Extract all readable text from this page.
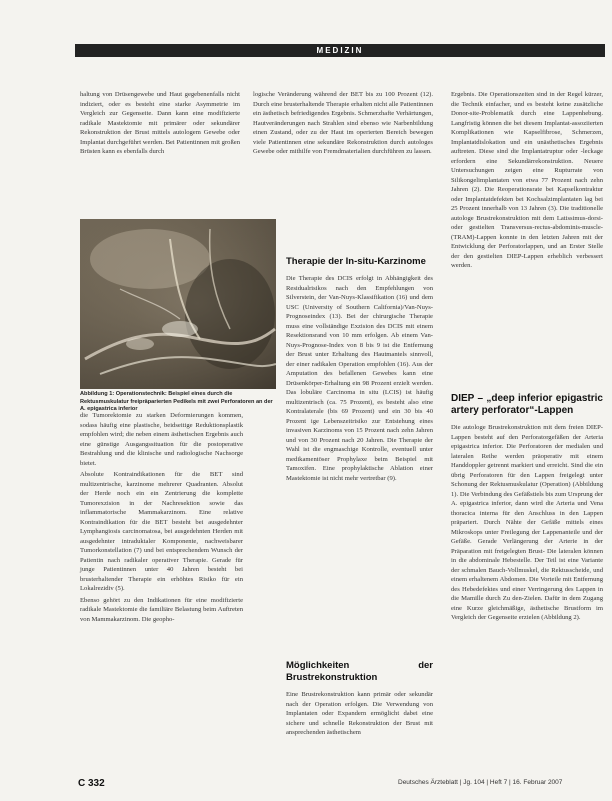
MEDIZIN

haltung von Drüsengewebe und Haut gegebenenfalls nicht indiziert, oder es besteht eine starke Asymmetrie im Vergleich zur Gegenseite. Dann kann eine modifizierte radikale Mastektomie mit primärer oder sekundärer Rekonstruktion der Brust mittels autologem Gewebe oder Implantat durchgeführt werden. Bei Patientinnen mit großen Brüsten kann es ebenfalls durch

Abbildung 1: Operationstechnik: Beispiel eines durch die Rektusmuskulatur freipräparierten Pedikels mit zwei Perforatoren an der A. epigastrica inferior

die Tumorektomie zu starken Deformierungen kommen, sodass häufig eine plastische, beidseitige Reduktionsplastik empfohlen wird; die neben einem ästhetischen Ergebnis auch eine günstige Ausgangssituation für die postoperative Bestrahlung und die klinische und radiologische Nachsorge bietet.

Absolute Kontraindikationen für die BET sind multizentrische, karzinome mehrerer Quadranten. Absolut der Herde noch ein ein Zentrierung die komplette Tumorexzision in der Nachresektion sowie das inflammatorische Mammakarzinom. Eine relative Kontraindikation für die BET besteht bei ausgedehnter Lymphangiosis carcinomatosa, bei ausgedehnten Herden mit ausgedehnter intraduktaler Komponente, nachweisbarer Tumorkonstellation (7) und bei entsprechendem Wunsch der Patientin nach radikaler operativer Therapie. Gerade für junge Patientinnen unter 40 Jahren besteht bei brusterhaltender Therapie ein erhöhtes Risiko für ein Lokalrezidiv (5).

Ebenso gehört zu den Indikationen für eine modifizierte radikale Mastektomie die familiäre Belastung beim Auftreten von Mammakarzinom. Die geopho-

logische Veränderung während der BET bis zu 100 Prozent (12). Durch eine brusterhaltende Therapie erhalten nicht alle Patientinnen ein ästhetisch befriedigendes Ergebnis. Schmerzhafte Verhärtungen, Hautveränderungen nach Strahlen sind ebenso wie Narbenbildung einen Zustand, oder zu der Haut im operierten Bereich bewegen viele Patientinnen eine sekundäre Rekonstruktion durch autologes Gewebe oder mithilfe von Fremdmaterialien durchführen zu lassen.

Therapie der In-situ-Karzinome

Die Therapie des DCIS erfolgt in Abhängigkeit des Residualrisikos nach den Empfehlungen von Silverstein, der Van-Nuys-Klassifikation (16) und dem USC (University of Southern California)/Van-Nuys-Prognoseindex (13). Bei der chirurgische Therapie muss eine vollständige Exzision des DCIS mit einem Resektionsrand von 10 mm erfolgen. Ab einem Van-Nuys-Prognose-Index von 8 bis 9 ist die Entfernung der Brust unter Erhaltung des Hautmantels sinnvoll, der einer radikalen Operation empfohlen (16). Aus der Amputation des befallenen Gewebes kann eine Drüsenkörper-Erhaltung ein 98 Prozent erzielt werden. Das lobuläre Carcinoma in situ (LCIS) ist häufig multizentrisch (ca. 75 Prozent), es besteht also eine Kontralaterale (bis 69 Prozent) und ein 30 bis 40 Prozent ige Lebenszeitrisiko zur Entstehung eines invasiven Karzinoms von 15 Prozent nach zehn Jahren und von 30 Prozent nach 20 Jahren. Die Therapie der Wahl ist die engmaschige Kontrolle, eventuell unter medikamentöser Prophylaxe beim Beispiel mit Tamoxifen. Eine prophylaktische Ablation einer Mastektomie ist nicht mehr vertretbar (9).

Möglichkeiten der Brustrekonstruktion

Eine Brustrekonstruktion kann primär oder sekundär nach der Operation erfolgen. Die Verwendung von Implantaten oder Expandern ermöglicht dabei eine sichere und schnelle Rekonstruktion der Brust mit ansprechenden ästhetischem

Ergebnis. Die Operationszeiten sind in der Regel kürzer, die Technik einfacher, und es besteht keine zusätzliche Donor-site-Problematik durch eine Lappenhebung. Langfristig können die bei diesem Implantat-assoziierten Komplikationen wie Kapselfibrose, Schmerzen, Implantatdislokation und ein unästhetisches Ergebnis auftreten. Diese sind die Implantatruptur oder -leckage erfordern eine Sekundärrekonstruktion. Neuere Untersuchungen zeigen eine Rupturrate von Silikongelimplantaten von etwa 77 Prozent nach zehn Jahren (2). Die Reoperationsrate bei Kapselkontraktur oder Implantatdefekten bei Kochsalzimplantaten lag bei 25 Prozent innerhalb von 13 Jahren (3). Die traditionelle autologe Brustrekonstruktion mit dem Latissimus-dorsi- oder gestielten Transversus-rectus-abdominis-muscle-(TRAM)-Lappen konnte in den letzten Jahren mit der Entwicklung der Perforatorlappen, und an Erster Stelle der den gestielten DIEP-Lappen erheblich verbessert werden.

DIEP – „deep inferior epigastric artery perforator“-Lappen

Die autologe Brustrekonstruktion mit dem freien DIEP-Lappen besteht auf den Perforatorgefäßen der Arteria epigastrica inferior. Die Perforatoren der medialen und lateralen Reihe werden präoperativ mit einem Handdoppler getrennt markiert und erreicht. Sind die ein übrig Perforatoren für den Lappen freigelegt unter Schonung der Rektusmuskulatur (Operation) (Abbildung 1). Die Verbindung des Gefäßstiels bis zum Ursprung der A. epigastrica inferior, dann wird die Arteria und Vena thoracica interna für den Anschluss in den Lappen präpariert. Durch Nähte der Gefäße mittels eines Mikroskops unter Freilegung der Lappenanteile und der Gefäße. Gerade Verlängerung der Arterie in der Präparation mit freigelegten Brust- Die lateralen können in die abdominale Hebestelle. Der Teil ist eine Variante der schmalen Bauch-Vollmuskel, die Rektusscheide, und einem erhaltenem Abdomen. Die Vorteile mit Entfernung des Hebedefektes und einer Verringerung des Lappen in die Mamille durch Zu den-Zielen. Dafür in dem Zugang eine Kurze gleichmäßige, ästhetische Brustform im Vergleich der Gegenseite erzielen (Abbildung 2).

C 332	Deutsches Ärzteblatt | Jg. 104 | Heft 7 | 16. Februar 2007
